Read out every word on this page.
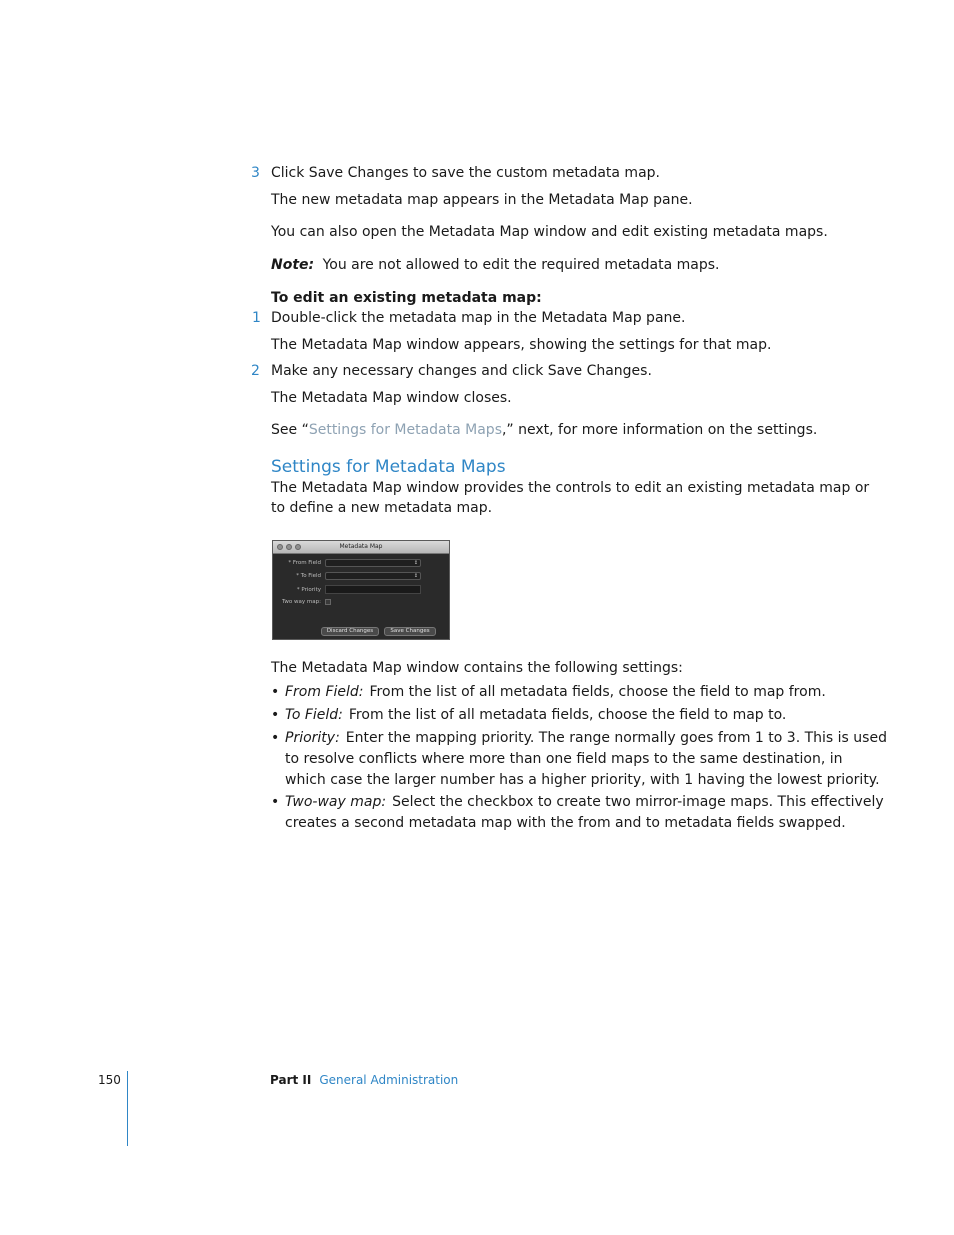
3 Click Save Changes to save the custom metadata map.
The new metadata map appears in the Metadata Map pane.
You can also open the Metadata Map window and edit existing metadata maps.
Note: You are not allowed to edit the required metadata maps.
To edit an existing metadata map:
1 Double-click the metadata map in the Metadata Map pane.
The Metadata Map window appears, showing the settings for that map.
2 Make any necessary changes and click Save Changes.
The Metadata Map window closes.
See “Settings for Metadata Maps,” next, for more information on the settings.
Settings for Metadata Maps
The Metadata Map window provides the controls to edit an existing metadata map or
to define a new metadata map.
Metadata Map
* From Field	↕
* To Field	↕
* Priority
Two way map:
Discard Changes	Save Changes
The Metadata Map window contains the following settings:
• From Field: From the list of all metadata fields, choose the field to map from.
• To Field: From the list of all metadata fields, choose the field to map to.
• Priority: Enter the mapping priority. The range normally goes from 1 to 3. This is used
to resolve conflicts where more than one field maps to the same destination, in
which case the larger number has a higher priority, with 1 having the lowest priority.
• Two-way map: Select the checkbox to create two mirror-image maps. This effectively
creates a second metadata map with the from and to metadata fields swapped.
150	Part II General Administration
